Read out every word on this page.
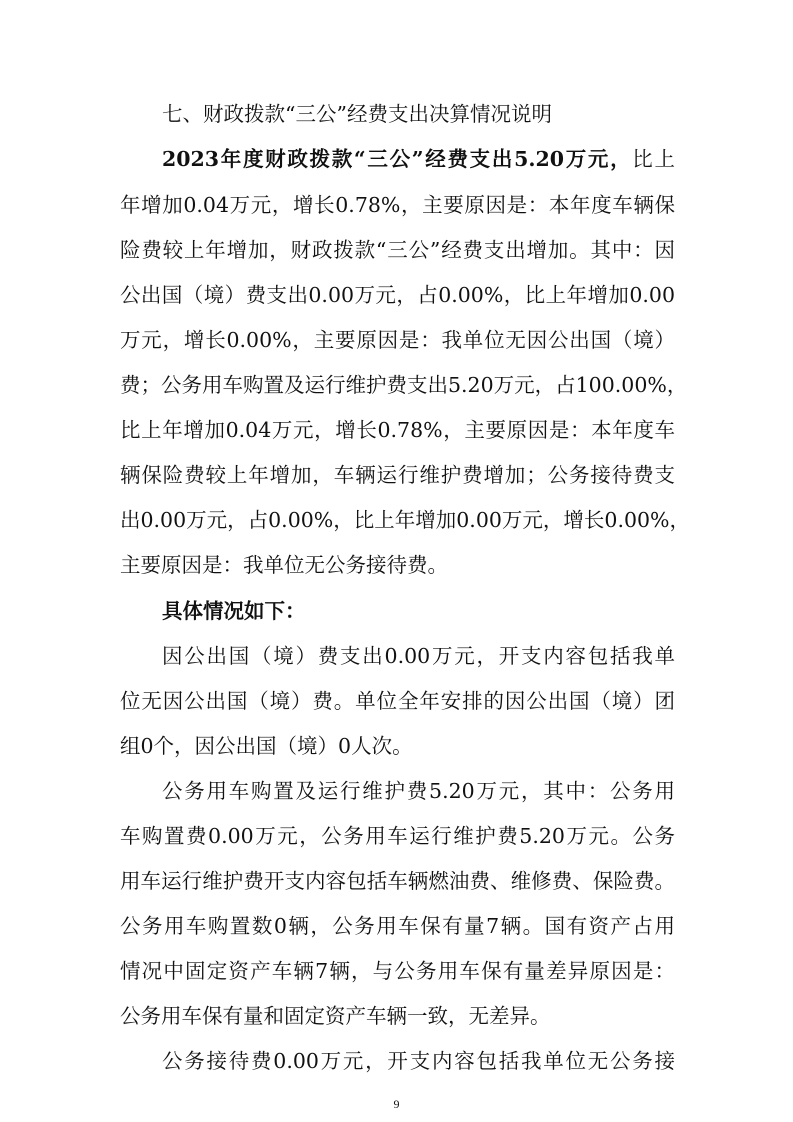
七、财政拨款“三公”经费支出决算情况说明
2023年度财政拨款“三公”经费支出5.20万元，比上
年增加0.04万元，增长0.78%，主要原因是：本年度车辆保
险费较上年增加，财政拨款“三公”经费支出增加。其中：因
公出国（境）费支出0.00万元，占0.00%，比上年增加0.00
万元，增长0.00%，主要原因是：我单位无因公出国（境）
费；公务用车购置及运行维护费支出5.20万元，占100.00%，
比上年增加0.04万元，增长0.78%，主要原因是：本年度车
辆保险费较上年增加，车辆运行维护费增加；公务接待费支
出0.00万元，占0.00%，比上年增加0.00万元，增长0.00%，
主要原因是：我单位无公务接待费。
具体情况如下：
因公出国（境）费支出0.00万元，开支内容包括我单
位无因公出国（境）费。单位全年安排的因公出国（境）团
组0个，因公出国（境）0人次。
公务用车购置及运行维护费5.20万元，其中：公务用
车购置费0.00万元，公务用车运行维护费5.20万元。公务
用车运行维护费开支内容包括车辆燃油费、维修费、保险费。
公务用车购置数0辆，公务用车保有量7辆。国有资产占用
情况中固定资产车辆7辆，与公务用车保有量差异原因是：
公务用车保有量和固定资产车辆一致，无差异。
公务接待费0.00万元，开支内容包括我单位无公务接
9
